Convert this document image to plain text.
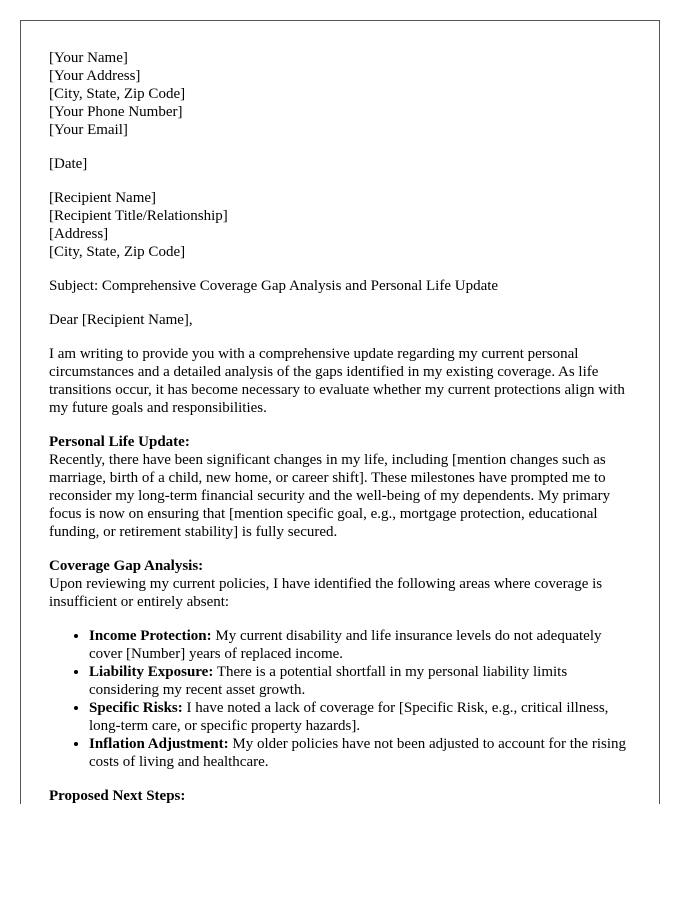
[Your Name]
[Your Address]
[City, State, Zip Code]
[Your Phone Number]
[Your Email]
[Date]
[Recipient Name]
[Recipient Title/Relationship]
[Address]
[City, State, Zip Code]

Subject: Comprehensive Coverage Gap Analysis and Personal Life Update

Dear [Recipient Name],

I am writing to provide you with a comprehensive update regarding my current personal circumstances and a detailed analysis of the gaps identified in my existing coverage. As life transitions occur, it has become necessary to evaluate whether my current protections align with my future goals and responsibilities.

Personal Life Update:
Recently, there have been significant changes in my life, including [mention changes such as marriage, birth of a child, new home, or career shift]. These milestones have prompted me to reconsider my long-term financial security and the well-being of my dependents. My primary focus is now on ensuring that [mention specific goal, e.g., mortgage protection, educational funding, or retirement stability] is fully secured.

Coverage Gap Analysis:
Upon reviewing my current policies, I have identified the following areas where coverage is insufficient or entirely absent:

• Income Protection: My current disability and life insurance levels do not adequately cover [Number] years of replaced income.
• Liability Exposure: There is a potential shortfall in my personal liability limits considering my recent asset growth.
• Specific Risks: I have noted a lack of coverage for [Specific Risk, e.g., critical illness, long-term care, or specific property hazards].
• Inflation Adjustment: My older policies have not been adjusted to account for the rising costs of living and healthcare.

Proposed Next Steps:
